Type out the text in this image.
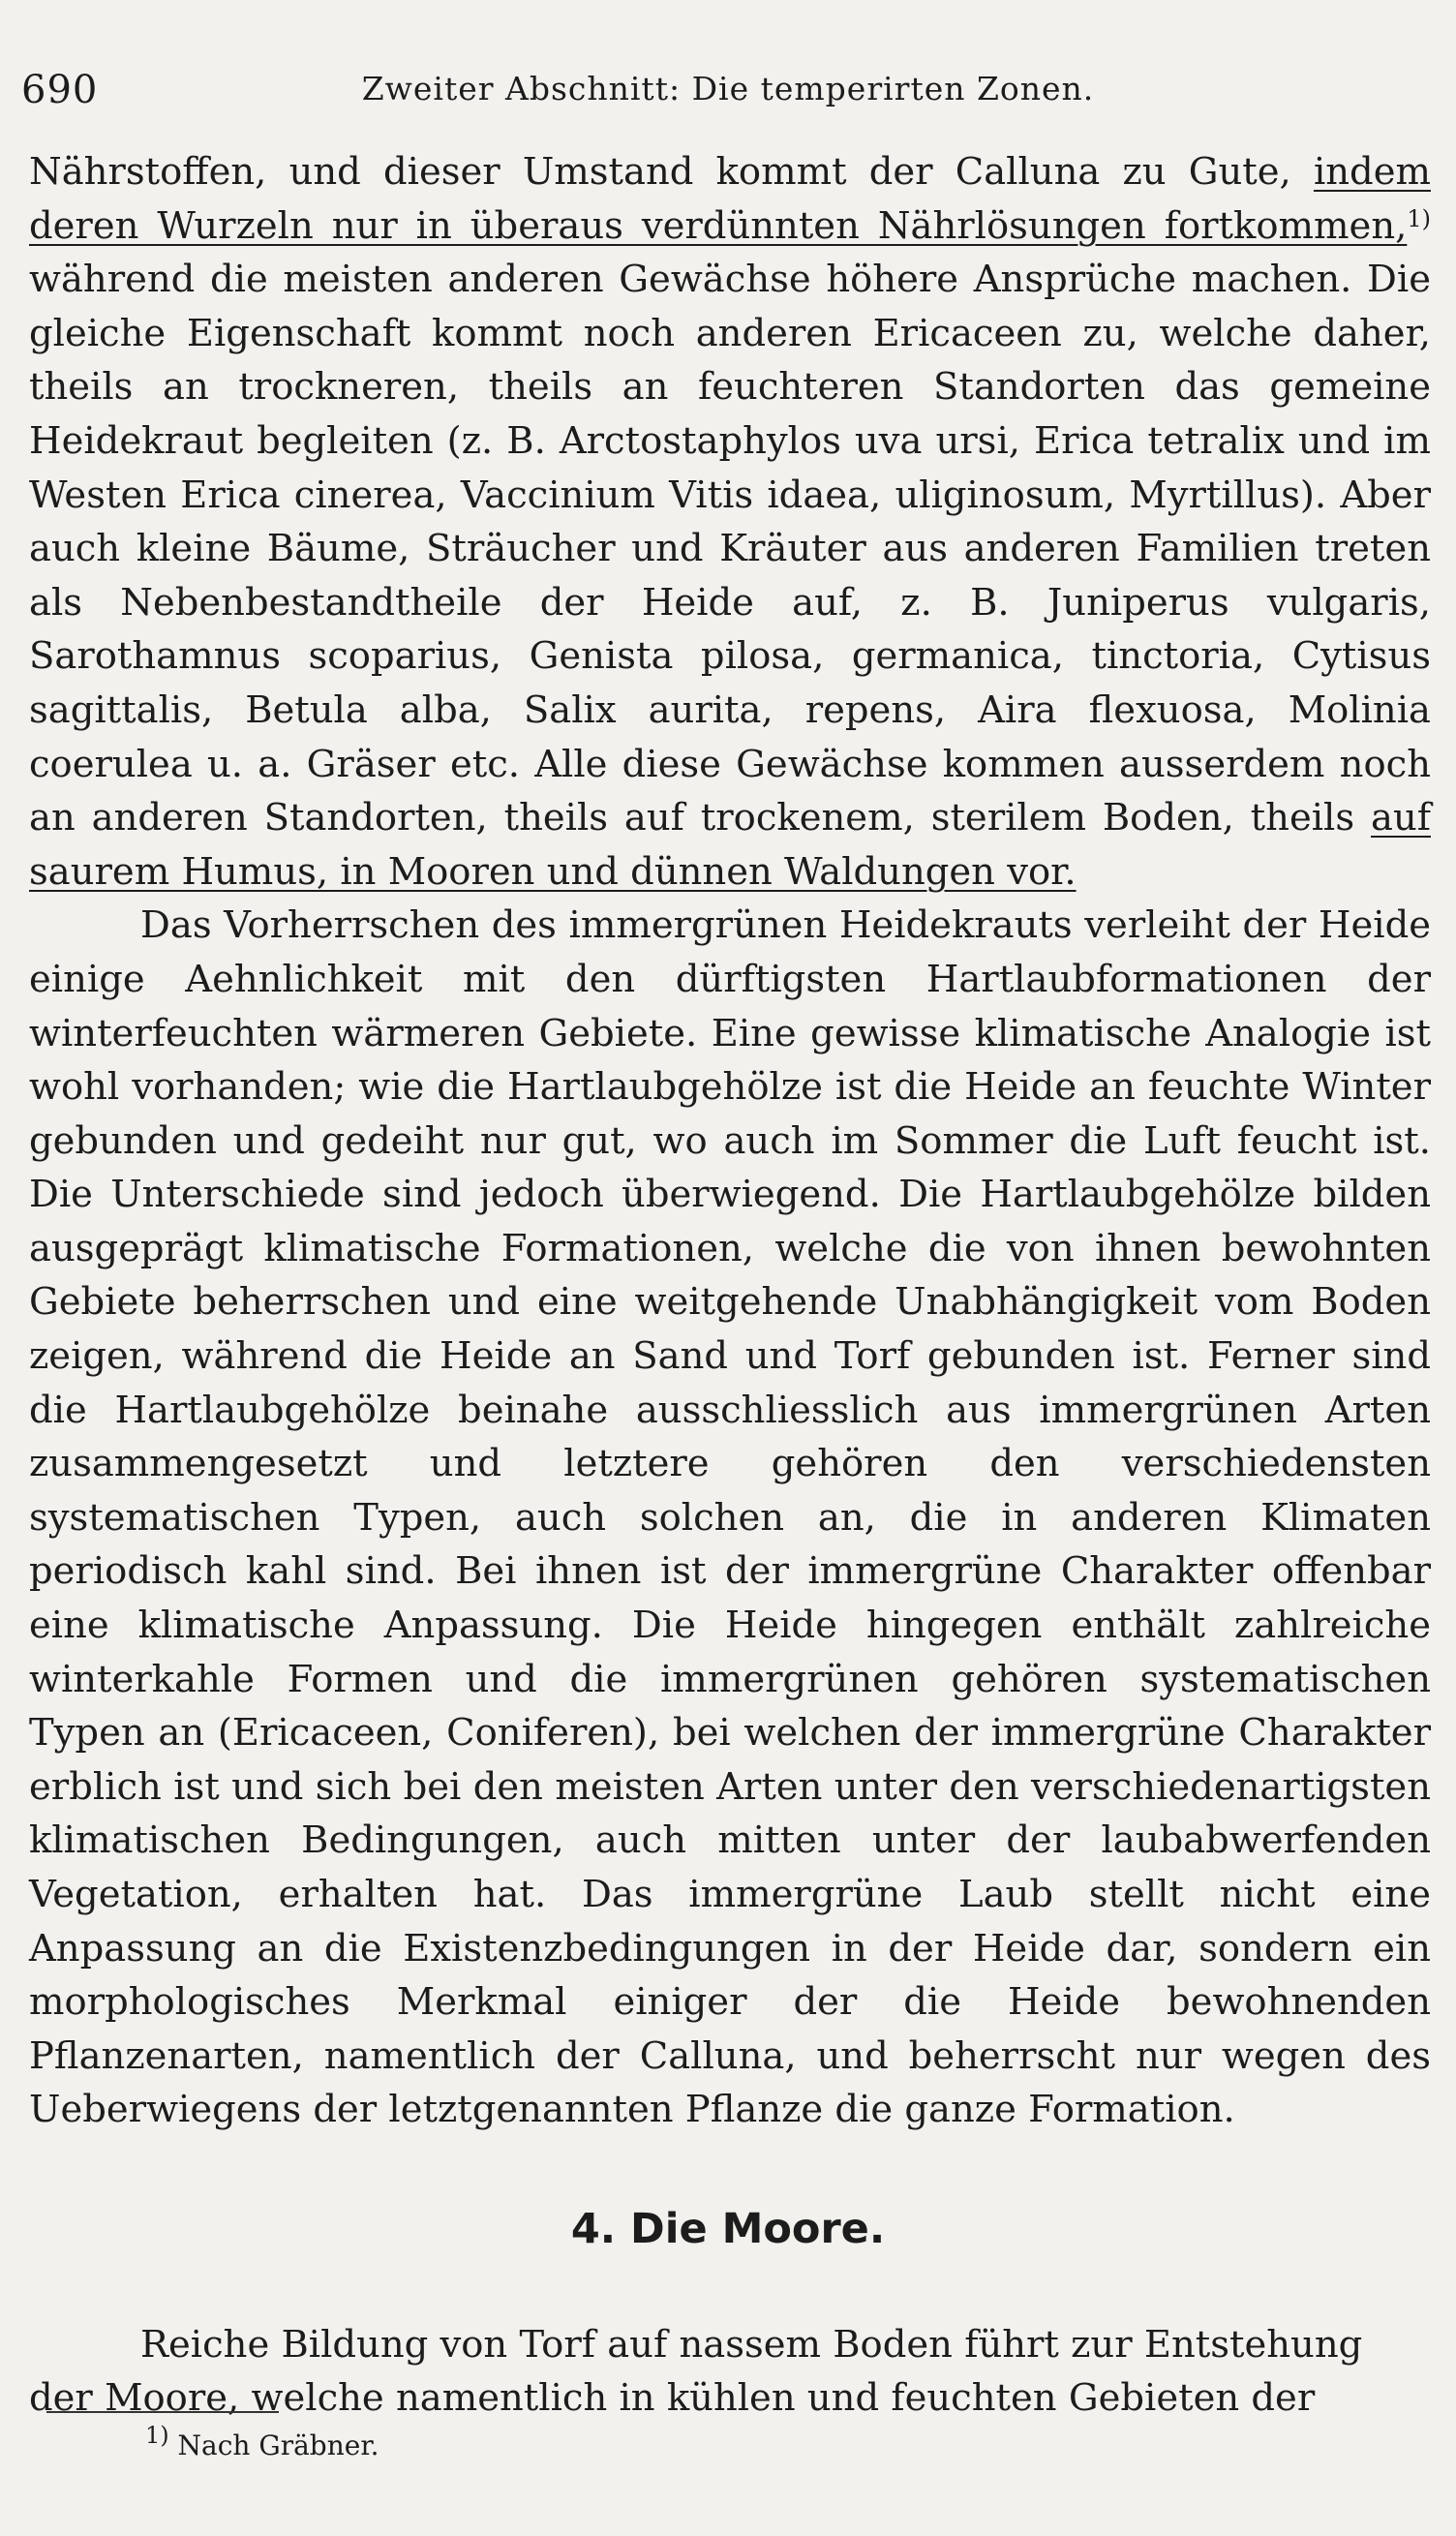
690	Zweiter Abschnitt: Die temperirten Zonen.

Nährstoffen, und dieser Umstand kommt der Calluna zu Gute, indem deren Wurzeln nur in überaus verdünnten Nährlösungen fortkommen,$^{1)}$ während die meisten anderen Gewächse höhere Ansprüche machen. Die gleiche Eigenschaft kommt noch anderen Ericaceen zu, welche daher, theils an trockneren, theils an feuchteren Standorten das gemeine Heidekraut begleiten (z. B. Arctostaphylos uva ursi, Erica tetralix und im Westen Erica cinerea, Vaccinium Vitis idaea, uliginosum, Myrtillus). Aber auch kleine Bäume, Sträucher und Kräuter aus anderen Familien treten als Nebenbestandtheile der Heide auf, z. B. Juniperus vulgaris, Sarothamnus scoparius, Genista pilosa, germanica, tinctoria, Cytisus sagittalis, Betula alba, Salix aurita, repens, Aira flexuosa, Molinia coerulea u. a. Gräser etc. Alle diese Gewächse kommen ausserdem noch an anderen Standorten, theils auf trockenem, sterilem Boden, theils auf saurem Humus, in Mooren und dünnen Waldungen vor.

Das Vorherrschen des immergrünen Heidekrauts verleiht der Heide einige Aehnlichkeit mit den dürftigsten Hartlaubformationen der winterfeuchten wärmeren Gebiete. Eine gewisse klimatische Analogie ist wohl vorhanden; wie die Hartlaubgehölze ist die Heide an feuchte Winter gebunden und gedeiht nur gut, wo auch im Sommer die Luft feucht ist. Die Unterschiede sind jedoch überwiegend. Die Hartlaubgehölze bilden ausgeprägt klimatische Formationen, welche die von ihnen bewohnten Gebiete beherrschen und eine weitgehende Unabhängigkeit vom Boden zeigen, während die Heide an Sand und Torf gebunden ist. Ferner sind die Hartlaubgehölze beinahe ausschliesslich aus immergrünen Arten zusammengesetzt und letztere gehören den verschiedensten systematischen Typen, auch solchen an, die in anderen Klimaten periodisch kahl sind. Bei ihnen ist der immergrüne Charakter offenbar eine klimatische Anpassung. Die Heide hingegen enthält zahlreiche winterkahle Formen und die immergrünen gehören systematischen Typen an (Ericaceen, Coniferen), bei welchen der immergrüne Charakter erblich ist und sich bei den meisten Arten unter den verschiedenartigsten klimatischen Bedingungen, auch mitten unter der laubabwerfenden Vegetation, erhalten hat. Das immergrüne Laub stellt nicht eine Anpassung an die Existenzbedingungen in der Heide dar, sondern ein morphologisches Merkmal einiger der die Heide bewohnenden Pflanzenarten, namentlich der Calluna, und beherrscht nur wegen des Ueberwiegens der letztgenannten Pflanze die ganze Formation.

4. Die Moore.

Reiche Bildung von Torf auf nassem Boden führt zur Entstehung der Moore, welche namentlich in kühlen und feuchten Gebieten der

$^{1)}$ Nach Gräbner.
